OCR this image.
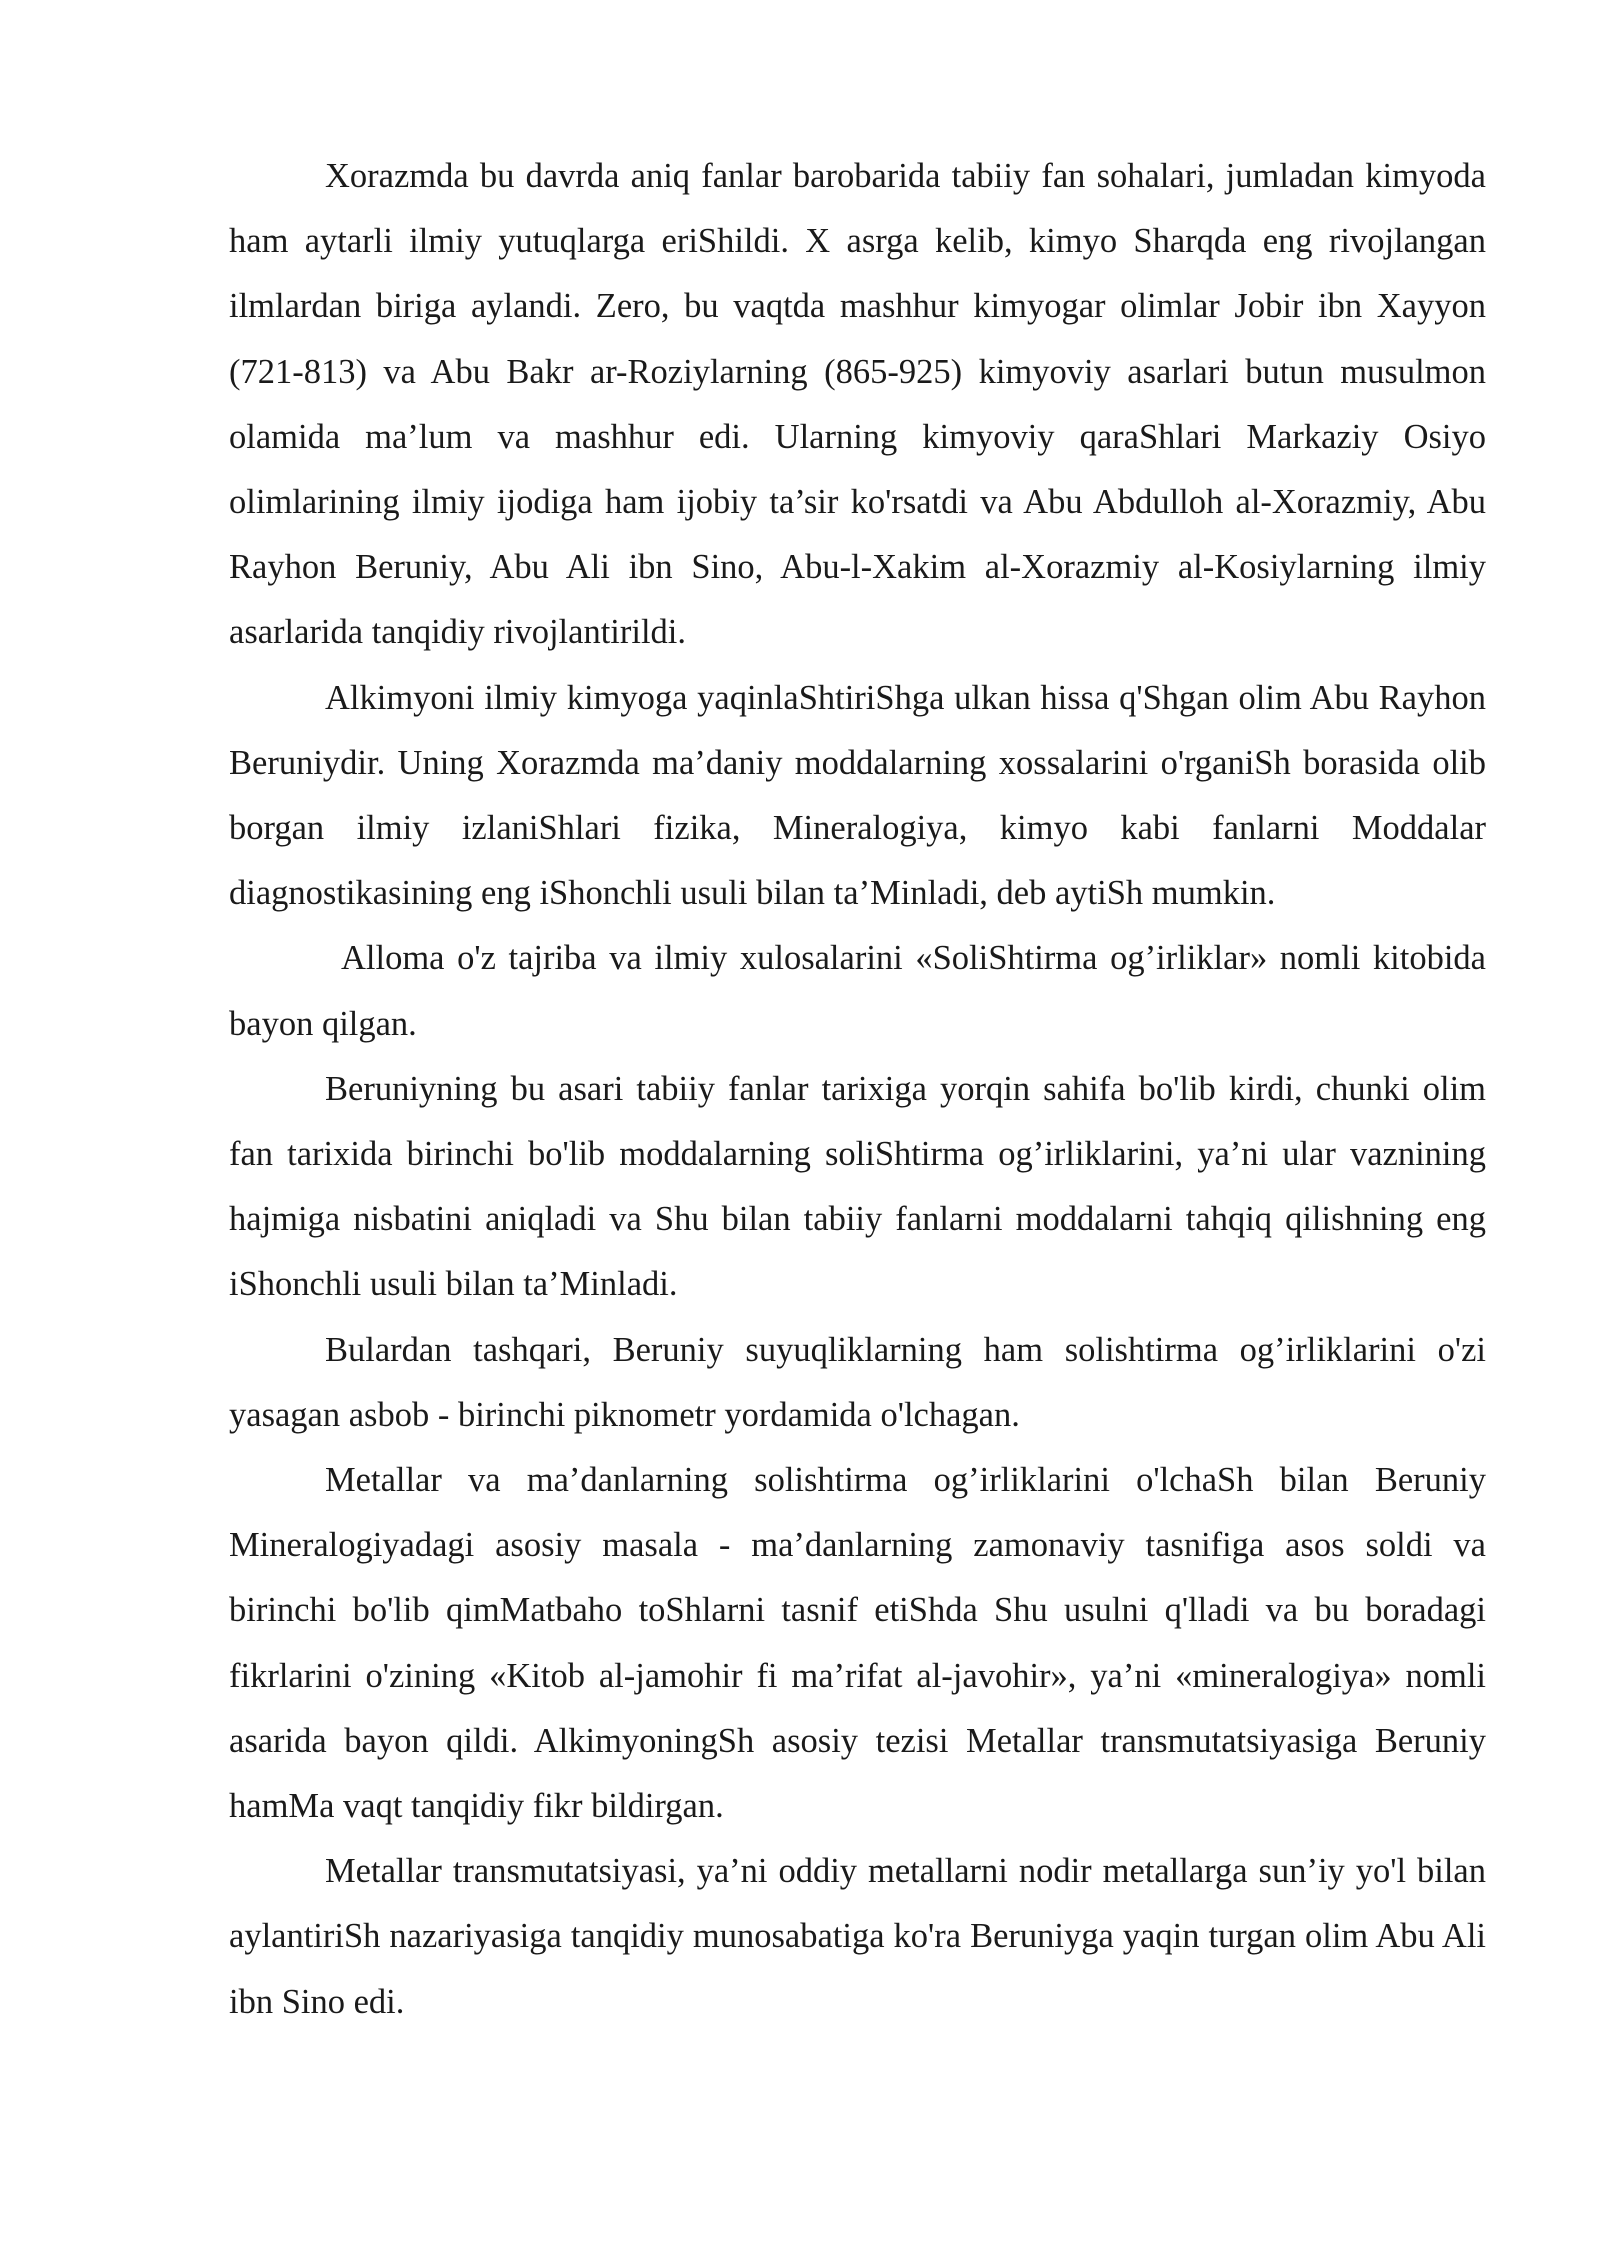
Xorazmda bu davrda aniq fanlar barobarida tabiiy fan sohalari, jumladan kimyoda ham aytarli ilmiy yutuqlarga eriShildi. X asrga kelib, kimyo Sharqda eng rivojlangan ilmlardan biriga aylandi. Zero, bu vaqtda mashhur kimyogar olimlar Jobir ibn Xayyon (721-813) va Abu Bakr ar-Roziylarning (865-925) kimyoviy asarlari butun musulmon olamida ma’lum va mashhur edi. Ularning kimyoviy qaraShlari Markaziy Osiyo olimlarining ilmiy ijodiga ham ijobiy ta’sir ko'rsatdi va Abu Abdulloh al-Xorazmiy, Abu Rayhon Beruniy, Abu Ali ibn Sino, Abu-l-Xakim al-Xorazmiy al-Kosiylarning ilmiy asarlarida tanqidiy rivojlantirildi.

Alkimyoni ilmiy kimyoga yaqinlaShtiriShga ulkan hissa q'Shgan olim Abu Rayhon Beruniydir. Uning Xorazmda ma’daniy moddalarning xossalarini o'rganiSh borasida olib borgan ilmiy izlaniShlari fizika, Mineralogiya, kimyo kabi fanlarni Moddalar diagnostikasining eng iShonchli usuli bilan ta’Minladi, deb aytiSh mumkin.

Alloma o'z tajriba va ilmiy xulosalarini «SoliShtirma og’irliklar» nomli kitobida bayon qilgan.

Beruniyning bu asari tabiiy fanlar tarixiga yorqin sahifa bo'lib kirdi, chunki olim fan tarixida birinchi bo'lib moddalarning soliShtirma og’irliklarini, ya’ni ular vaznining hajmiga nisbatini aniqladi va Shu bilan tabiiy fanlarni moddalarni tahqiq qilishning eng iShonchli usuli bilan ta’Minladi.

Bulardan tashqari, Beruniy suyuqliklarning ham solishtirma og’irliklarini o'zi yasagan asbob - birinchi piknometr yordamida o'lchagan.

Metallar va ma’danlarning solishtirma og’irliklarini o'lchaSh bilan Beruniy Mineralogiyadagi asosiy masala - ma’danlarning zamonaviy tasnifiga asos soldi va birinchi bo'lib qimMatbaho toShlarni tasnif etiShda Shu usulni q'lladi va bu boradagi fikrlarini o'zining «Kitob al-jamohir fi ma’rifat al-javohir», ya’ni «mineralogiya» nomli asarida bayon qildi. AlkimyoningSh asosiy tezisi Metallar transmutatsiyasiga Beruniy hamMa vaqt tanqidiy fikr bildirgan.

Metallar transmutatsiyasi, ya’ni oddiy metallarni nodir metallarga sun’iy yo'l bilan aylantiriSh nazariyasiga tanqidiy munosabatiga ko'ra Beruniyga yaqin turgan olim Abu Ali ibn Sino edi.
